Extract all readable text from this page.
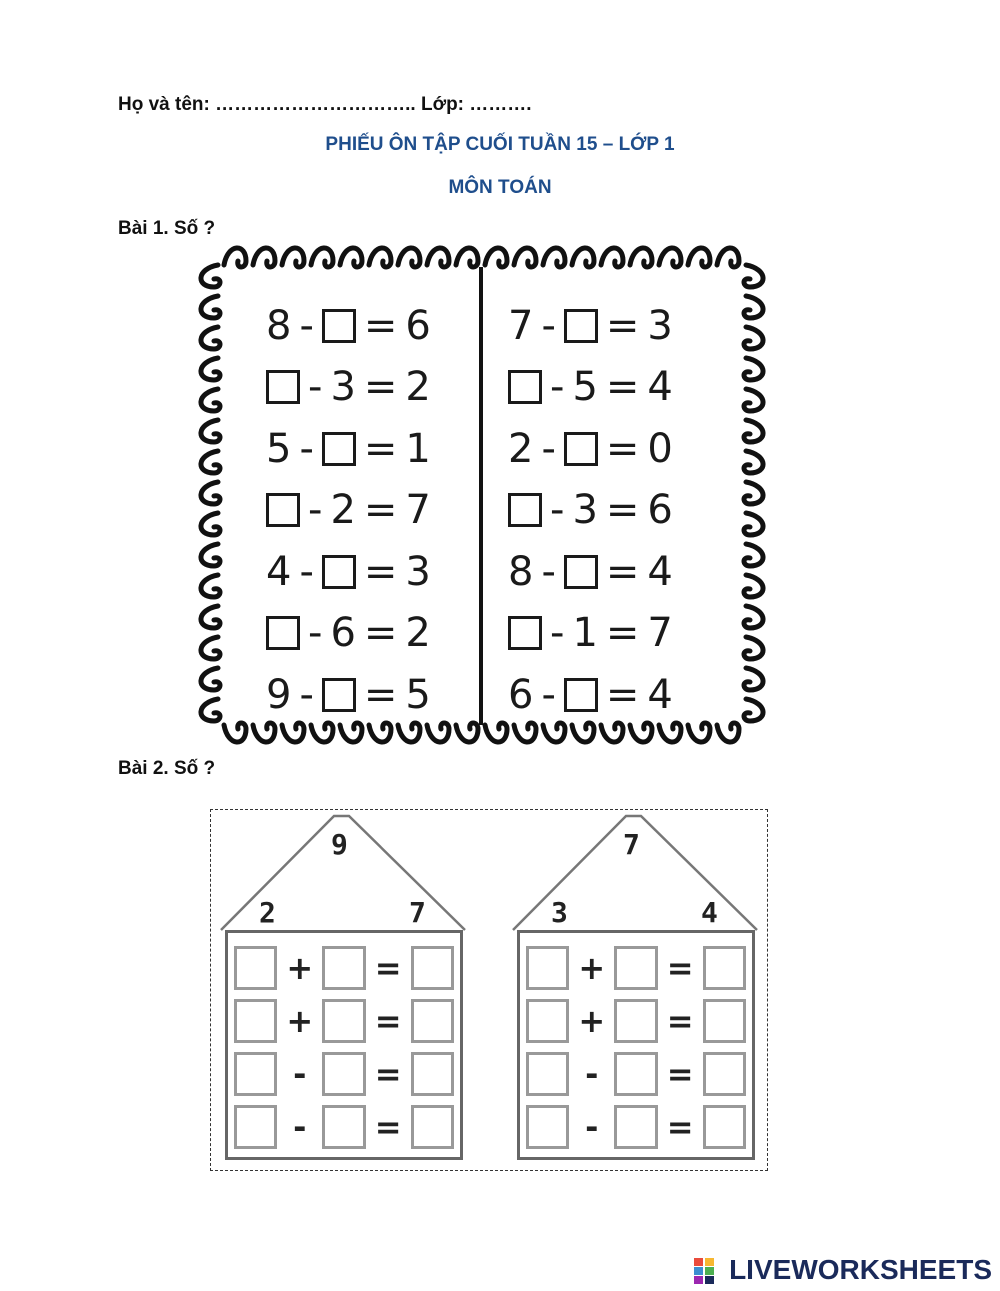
Họ và tên: ………………………….. Lớp: ……….
PHIẾU ÔN TẬP CUỐI TUẦN 15 – LỚP 1
MÔN TOÁN
Bài 1. Số ?
8 - = 6
- 3 = 2
5 - = 1
- 2 = 7
4 - = 3
- 6 = 2
9 - = 5
7 - = 3
- 5 = 4
2 - = 0
- 3 = 6
8 - = 4
- 1 = 7
6 - = 4
Bài 2. Số ?
9
2	7
+ =
+ =
-	=
-	=
7
3	4
+ =
+ =
-	=
-	=
LIVEWORKSHEETS
